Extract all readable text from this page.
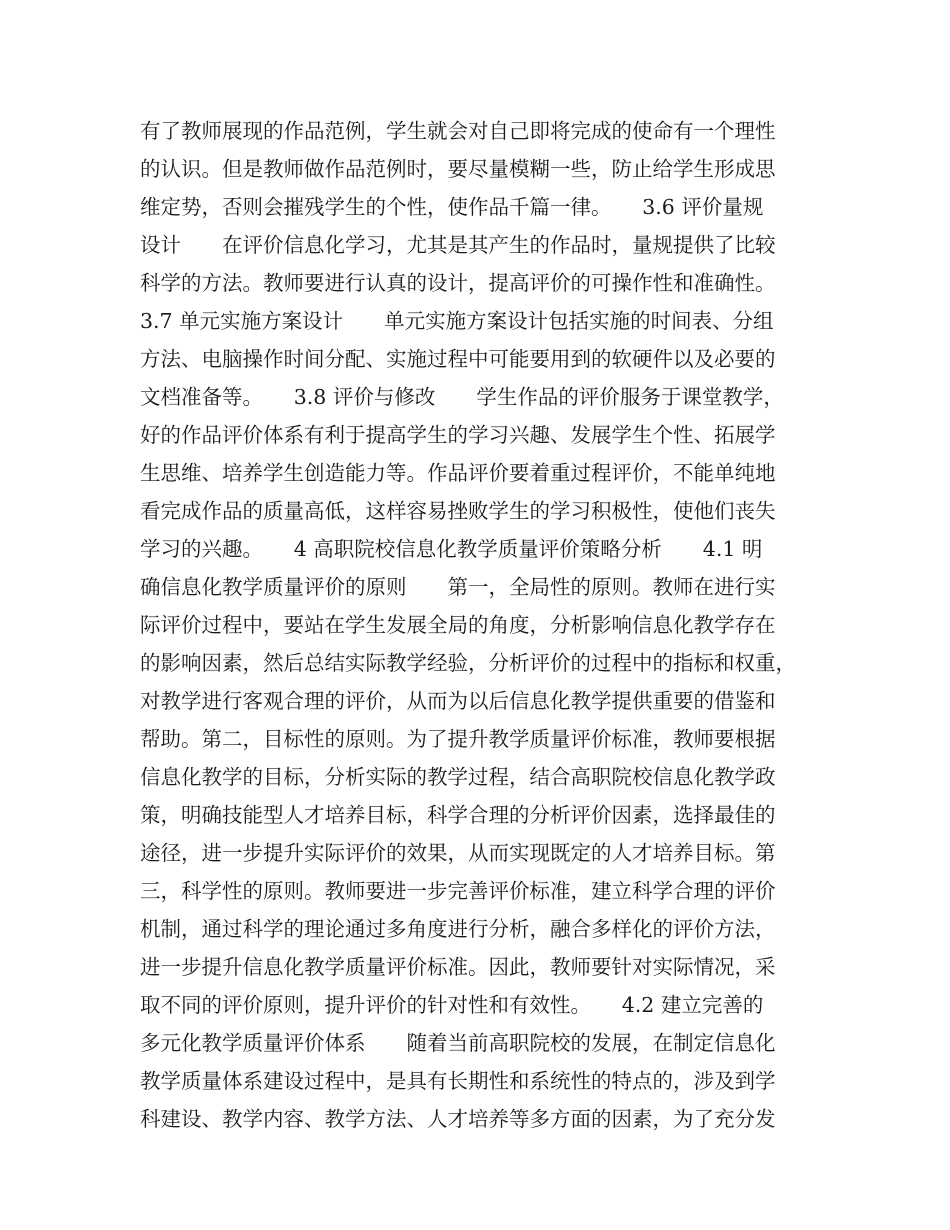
有了教师展现的作品范例，学生就会对自己即将完成的使命有一个理性
的认识。但是教师做作品范例时，要尽量模糊一些，防止给学生形成思
维定势，否则会摧残学生的个性，使作品千篇一律。　　3.6 评价量规
设计　　在评价信息化学习，尤其是其产生的作品时，量规提供了比较
科学的方法。教师要进行认真的设计，提高评价的可操作性和准确性。
3.7 单元实施方案设计　　单元实施方案设计包括实施的时间表、分组
方法、电脑操作时间分配、实施过程中可能要用到的软硬件以及必要的
文档准备等。　　3.8 评价与修改　　学生作品的评价服务于课堂教学，
好的作品评价体系有利于提高学生的学习兴趣、发展学生个性、拓展学
生思维、培养学生创造能力等。作品评价要着重过程评价，不能单纯地
看完成作品的质量高低，这样容易挫败学生的学习积极性，使他们丧失
学习的兴趣。　　4 高职院校信息化教学质量评价策略分析　　4.1 明
确信息化教学质量评价的原则　　第一，全局性的原则。教师在进行实
际评价过程中，要站在学生发展全局的角度，分析影响信息化教学存在
的影响因素，然后总结实际教学经验，分析评价的过程中的指标和权重，
对教学进行客观合理的评价，从而为以后信息化教学提供重要的借鉴和
帮助。第二，目标性的原则。为了提升教学质量评价标准，教师要根据
信息化教学的目标，分析实际的教学过程，结合高职院校信息化教学政
策，明确技能型人才培养目标，科学合理的分析评价因素，选择最佳的
途径，进一步提升实际评价的效果，从而实现既定的人才培养目标。第
三，科学性的原则。教师要进一步完善评价标准，建立科学合理的评价
机制，通过科学的理论通过多角度进行分析，融合多样化的评价方法，
进一步提升信息化教学质量评价标准。因此，教师要针对实际情况，采
取不同的评价原则，提升评价的针对性和有效性。　　4.2 建立完善的
多元化教学质量评价体系　　随着当前高职院校的发展，在制定信息化
教学质量体系建设过程中，是具有长期性和系统性的特点的，涉及到学
科建设、教学内容、教学方法、人才培养等多方面的因素，为了充分发
